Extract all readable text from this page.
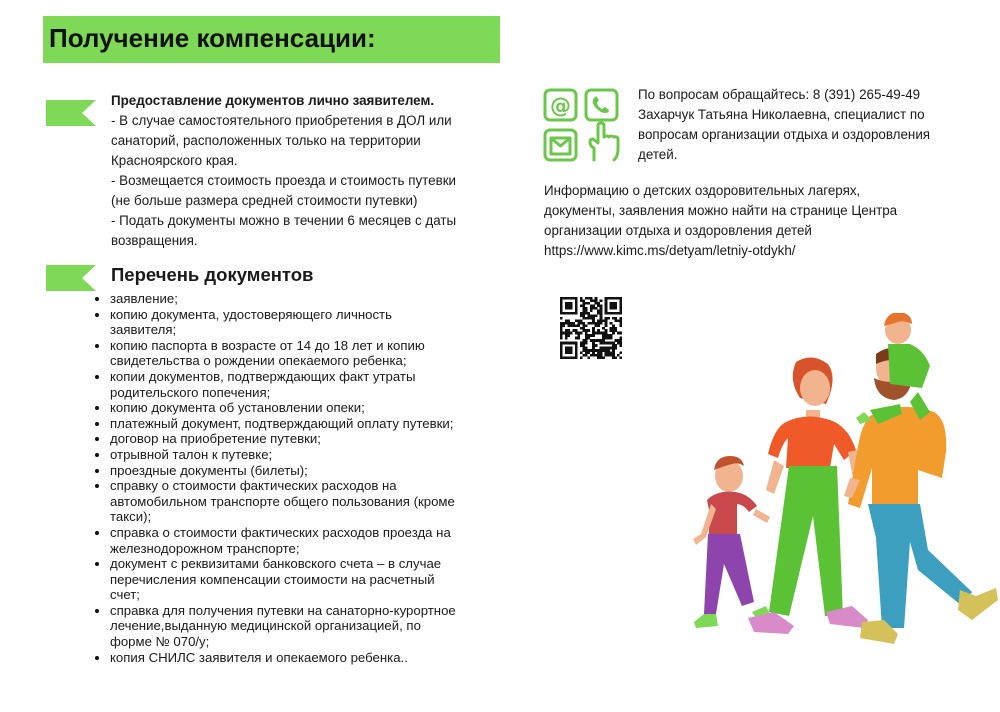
Получение компенсации:
Предоставление документов лично заявителем.
- В случае самостоятельного приобретения в ДОЛ или
санаторий, расположенных только на территории
Красноярского края.
- Возмещается стоимость проезда и стоимость путевки
(не больше размера средней стоимости путевки)
- Подать документы можно в течении 6 месяцев с даты
возвращения.
Перечень документов
заявление;
копию документа, удостоверяющего личность
заявителя;
копию паспорта в возрасте от 14 до 18 лет и копию
свидетельства о рождении опекаемого ребенка;
копии документов, подтверждающих факт утраты
родительского попечения;
копию документа об установлении опеки;
платежный документ, подтверждающий оплату путевки;
договор на приобретение путевки;
отрывной талон к путевке;
проездные документы (билеты);
справку о стоимости фактических расходов на
автомобильном транспорте общего пользования (кроме
такси);
справка о стоимости фактических расходов проезда на
железнодорожном транспорте;
документ с реквизитами банковского счета – в случае
перечисления компенсации стоимости на расчетный
счет;
справка для получения путевки на санаторно-курортное
лечение,выданную медицинской организацией, по
форме № 070/у;
копия СНИЛС заявителя и опекаемого ребенка..
@	По вопросам обращайтесь: 8 (391) 265-49-49
Захарчук Татьяна Николаевна, специалист по
вопросам организации отдыха и оздоровления
детей.
Информацию о детских оздоровительных лагерях,
документы, заявления можно найти на странице Центра
организации отдыха и оздоровления детей
https://www.kimc.ms/detyam/letniy-otdykh/
